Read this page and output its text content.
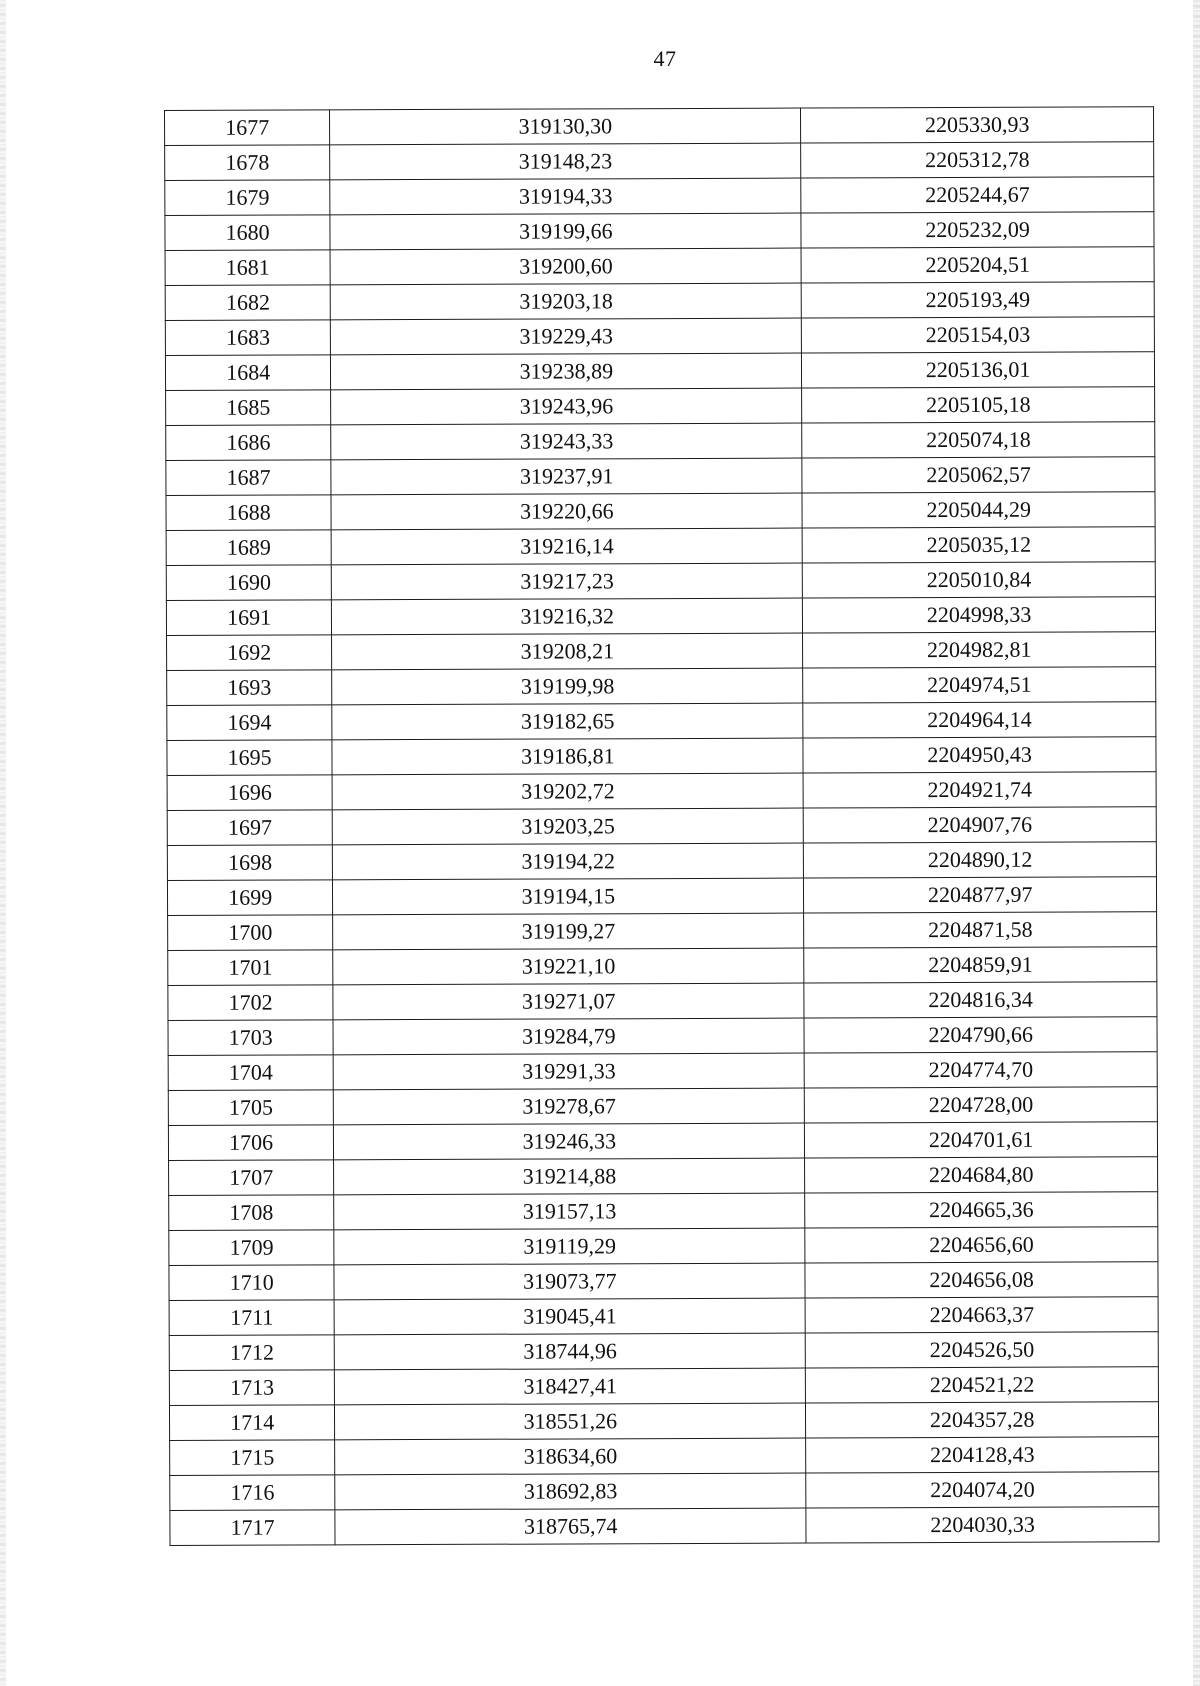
47
1677	319130,30	2205330,93
1678	319148,23	2205312,78
1679	319194,33	2205244,67
1680	319199,66	2205232,09
1681	319200,60	2205204,51
1682	319203,18	2205193,49
1683	319229,43	2205154,03
1684	319238,89	2205136,01
1685	319243,96	2205105,18
1686	319243,33	2205074,18
1687	319237,91	2205062,57
1688	319220,66	2205044,29
1689	319216,14	2205035,12
1690	319217,23	2205010,84
1691	319216,32	2204998,33
1692	319208,21	2204982,81
1693	319199,98	2204974,51
1694	319182,65	2204964,14
1695	319186,81	2204950,43
1696	319202,72	2204921,74
1697	319203,25	2204907,76
1698	319194,22	2204890,12
1699	319194,15	2204877,97
1700	319199,27	2204871,58
1701	319221,10	2204859,91
1702	319271,07	2204816,34
1703	319284,79	2204790,66
1704	319291,33	2204774,70
1705	319278,67	2204728,00
1706	319246,33	2204701,61
1707	319214,88	2204684,80
1708	319157,13	2204665,36
1709	319119,29	2204656,60
1710	319073,77	2204656,08
1711	319045,41	2204663,37
1712	318744,96	2204526,50
1713	318427,41	2204521,22
1714	318551,26	2204357,28
1715	318634,60	2204128,43
1716	318692,83	2204074,20
1717	318765,74	2204030,33
